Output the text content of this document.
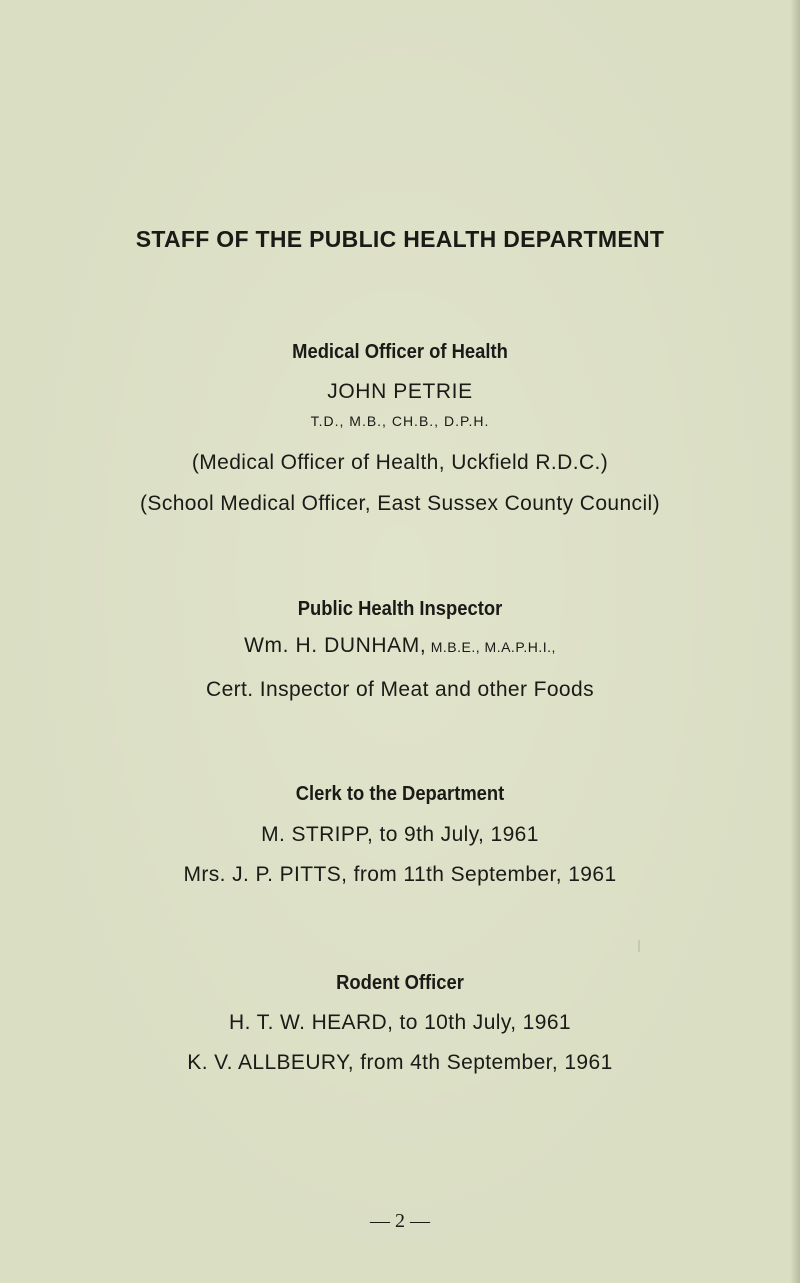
STAFF OF THE PUBLIC HEALTH DEPARTMENT
Medical Officer of Health
JOHN PETRIE
T.D., M.B., CH.B., D.P.H.
(Medical Officer of Health, Uckfield R.D.C.)
(School Medical Officer, East Sussex County Council)
Public Health Inspector
Wm. H. DUNHAM, M.B.E., M.A.P.H.I.,
Cert. Inspector of Meat and other Foods
Clerk to the Department
M. STRIPP, to 9th July, 1961
Mrs. J. P. PITTS, from 11th September, 1961
Rodent Officer
H. T. W. HEARD, to 10th July, 1961
K. V. ALLBEURY, from 4th September, 1961
— 2 —
